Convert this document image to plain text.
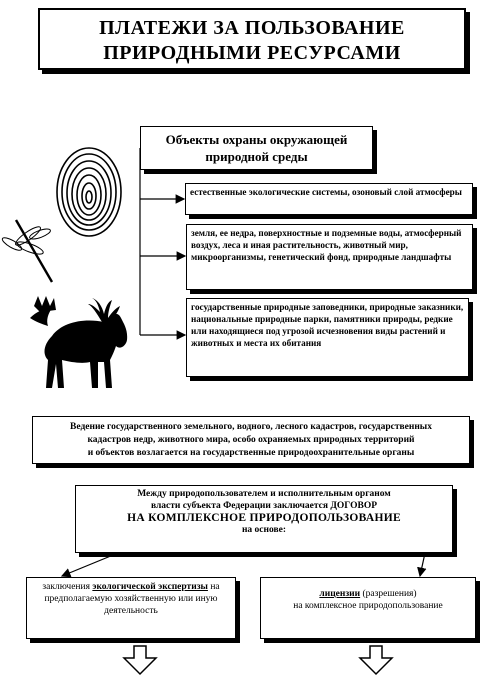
ПЛАТЕЖИ ЗА ПОЛЬЗОВАНИЕ
ПРИРОДНЫМИ РЕСУРСАМИ
Объекты охраны окружающей
природной среды
естественные экологические системы, озоновый слой атмосферы
земля, ее недра, поверхностные и подземные воды, атмосферный воздух, леса и иная растительность, животный мир, микроорганизмы, генетический фонд, природные ландшафты
государственные природные заповедники, природные заказники, национальные природные парки, памятники природы, редкие или находящиеся под угрозой исчезновения виды растений и животных и места их обитания
Ведение государственного земельного, водного, лесного кадастров, государственных
кадастров недр, животного мира, особо охраняемых природных территорий
и объектов возлагается на государственные природоохранительные органы
Между природопользователем и исполнительным органом
власти субъекта Федерации заключается ДОГОВОР
НА КОМПЛЕКСНОЕ ПРИРОДОПОЛЬЗОВАНИЕ
на основе:
заключения экологической экспертизы на предполагаемую хозяйственную или иную деятельность
лицензии (разрешения)
на комплексное природопользование
